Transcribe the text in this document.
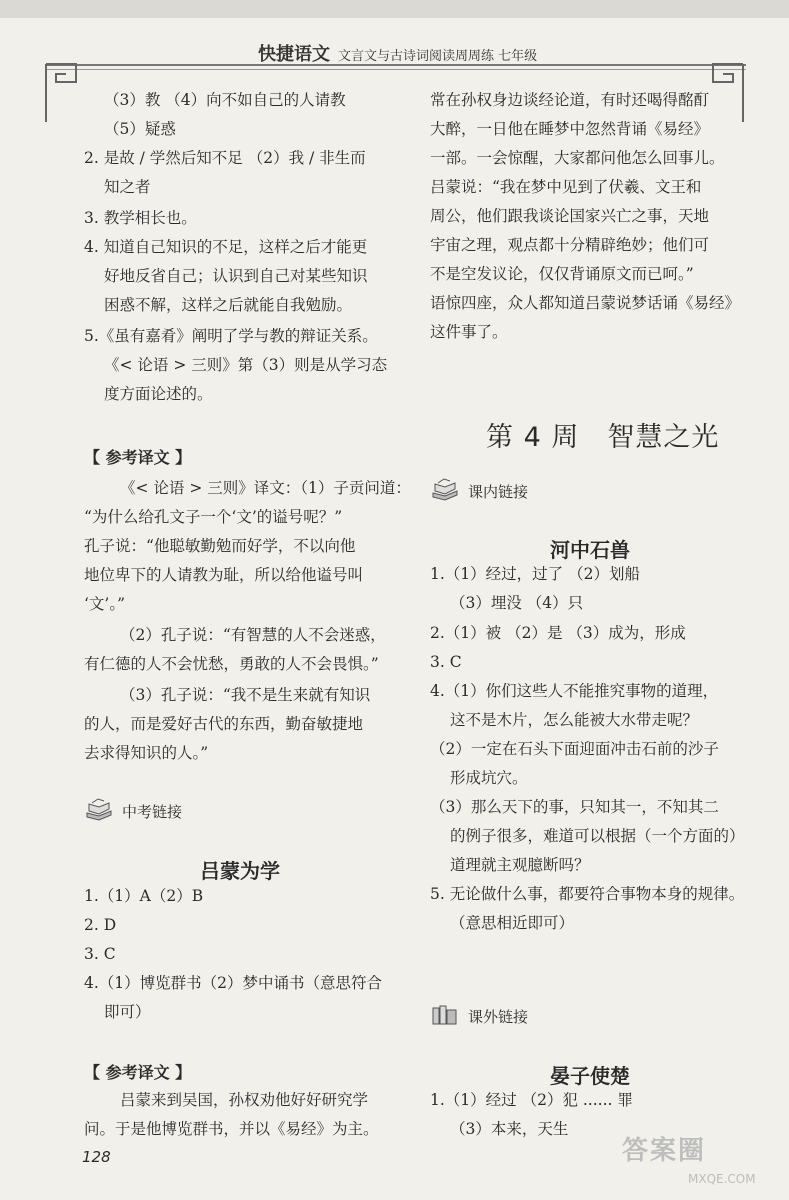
快捷语文 文言文与古诗词阅读周周练 七年级
（3）教 （4）向不如自己的人请教
（5）疑惑
2. 是故 / 学然后知不足 （2）我 / 非生而
知之者
3. 教学相长也。
4. 知道自己知识的不足，这样之后才能更
好地反省自己；认识到自己对某些知识
困惑不解，这样之后就能自我勉励。
5.《虽有嘉肴》阐明了学与教的辩证关系。
《< 论语 > 三则》第（3）则是从学习态
度方面论述的。
【 参考译文 】
《< 论语 > 三则》译文：（1）子贡问道：
“为什么给孔文子一个‘文’的谥号呢？”
孔子说：“他聪敏勤勉而好学，不以向他
地位卑下的人请教为耻，所以给他谥号叫
‘文’。”
（2）孔子说：“有智慧的人不会迷惑，
有仁德的人不会忧愁，勇敢的人不会畏惧。”
（3）孔子说：“我不是生来就有知识
的人，而是爱好古代的东西，勤奋敏捷地
去求得知识的人。”
中考链接
吕蒙为学
1.（1）A（2）B
2. D
3. C
4.（1）博览群书（2）梦中诵书（意思符合
即可）
【 参考译文 】
吕蒙来到吴国，孙权劝他好好研究学
问。于是他博览群书，并以《易经》为主。
常在孙权身边谈经论道，有时还喝得酩酊
大醉，一日他在睡梦中忽然背诵《易经》
一部。一会惊醒，大家都问他怎么回事儿。
吕蒙说：“我在梦中见到了伏羲、文王和
周公，他们跟我谈论国家兴亡之事，天地
宇宙之理，观点都十分精辟绝妙；他们可
不是空发议论，仅仅背诵原文而已呵。”
语惊四座，众人都知道吕蒙说梦话诵《易经》
这件事了。
第 4 周　智慧之光
课内链接
河中石兽
1.（1）经过，过了 （2）划船
（3）埋没 （4）只
2.（1）被 （2）是 （3）成为，形成
3. C
4.（1）你们这些人不能推究事物的道理，
这不是木片，怎么能被大水带走呢？
（2）一定在石头下面迎面冲击石前的沙子
形成坑穴。
（3）那么天下的事，只知其一，不知其二
的例子很多，难道可以根据（一个方面的）
道理就主观臆断吗？
5. 无论做什么事，都要符合事物本身的规律。
（意思相近即可）
课外链接
晏子使楚
1.（1）经过 （2）犯 ...... 罪
（3）本来，天生
128	答案圈
MXQE.COM
